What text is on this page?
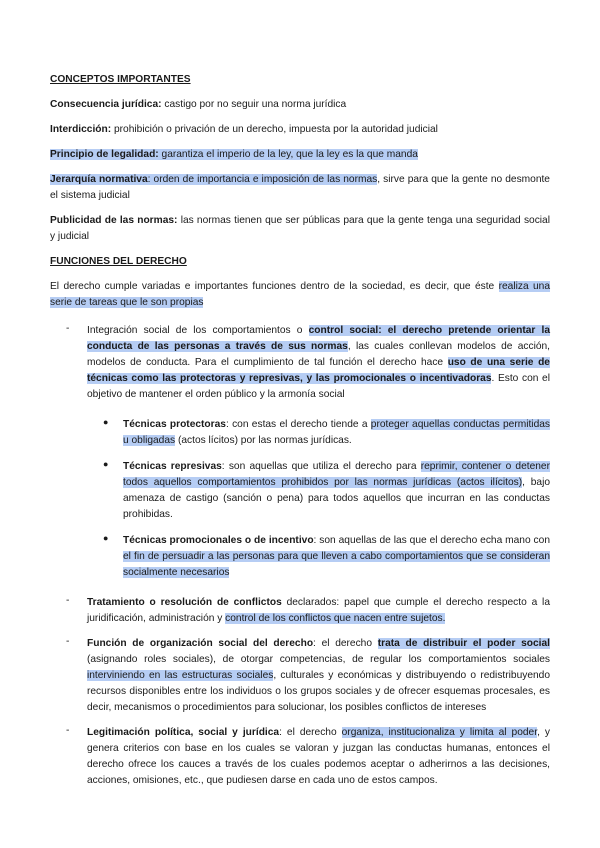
CONCEPTOS IMPORTANTES

Consecuencia jurídica: castigo por no seguir una norma jurídica

Interdicción: prohibición o privación de un derecho, impuesta por la autoridad judicial

Principio de legalidad: garantiza el imperio de la ley, que la ley es la que manda

Jerarquía normativa: orden de importancia e imposición de las normas, sirve para que la gente no desmonte el sistema judicial

Publicidad de las normas: las normas tienen que ser públicas para que la gente tenga una seguridad social y judicial

FUNCIONES DEL DERECHO

El derecho cumple variadas e importantes funciones dentro de la sociedad, es decir, que éste realiza una serie de tareas que le son propias

- Integración social de los comportamientos o control social: el derecho pretende orientar la conducta de las personas a través de sus normas, las cuales conllevan modelos de acción, modelos de conducta. Para el cumplimiento de tal función el derecho hace uso de una serie de técnicas como las protectoras y represivas, y las promocionales o incentivadoras. Esto con el objetivo de mantener el orden público y la armonía social

● Técnicas protectoras: con estas el derecho tiende a proteger aquellas conductas permitidas u obligadas (actos lícitos) por las normas jurídicas.

● Técnicas represivas: son aquellas que utiliza el derecho para reprimir, contener o detener todos aquellos comportamientos prohibidos por las normas jurídicas (actos ilícitos), bajo amenaza de castigo (sanción o pena) para todos aquellos que incurran en las conductas prohibidas.

● Técnicas promocionales o de incentivo: son aquellas de las que el derecho echa mano con el fin de persuadir a las personas para que lleven a cabo comportamientos que se consideran socialmente necesarios

- Tratamiento o resolución de conflictos declarados: papel que cumple el derecho respecto a la juridificación, administración y control de los conflictos que nacen entre sujetos.

- Función de organización social del derecho: el derecho trata de distribuir el poder social (asignando roles sociales), de otorgar competencias, de regular los comportamientos sociales interviniendo en las estructuras sociales, culturales y económicas y distribuyendo o redistribuyendo recursos disponibles entre los individuos o los grupos sociales y de ofrecer esquemas procesales, es decir, mecanismos o procedimientos para solucionar, los posibles conflictos de intereses

- Legitimación política, social y jurídica: el derecho organiza, institucionaliza y limita al poder, y genera criterios con base en los cuales se valoran y juzgan las conductas humanas, entonces el derecho ofrece los cauces a través de los cuales podemos aceptar o adherirnos a las decisiones, acciones, omisiones, etc., que pudiesen darse en cada uno de estos campos.
